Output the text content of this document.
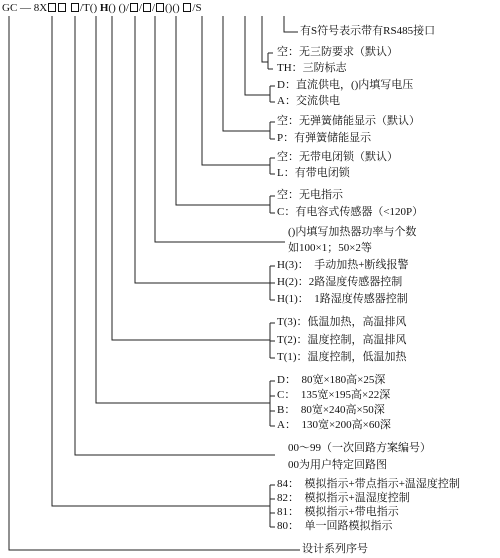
GC — 8X	/T() H() ()/ / / ()() /S
有S符号表示带有RS485接口
空：无三防要求（默认）
TH：三防标志
D：直流供电，()内填写电压
A：交流供电
空：无弹簧储能显示（默认）
P：有弹簧储能显示
空：无带电闭锁（默认）
L：有带电闭锁
空：无电指示
C：有电容式传感器（<120P）
()内填写加热器功率与个数
如100×1；50×2等
H(3)：　手动加热+断线报警
H(2)：2路湿度传感器控制
H(1)：　1路湿度传感器控制
T(3)：低温加热，高温排风
T(2)：温度控制，高温排风
T(1)：温度控制，低温加热
D：　80宽×180高×25深
C：　135宽×195高×22深
B：　80宽×240高×50深
A：　130宽×200高×60深
00～99（一次回路方案编号）
00为用户特定回路图
84：　模拟指示+带点指示+温湿度控制
82：　模拟指示+温湿度控制
81：　模拟指示+带电指示
80：　单一回路模拟指示
设计系列序号
